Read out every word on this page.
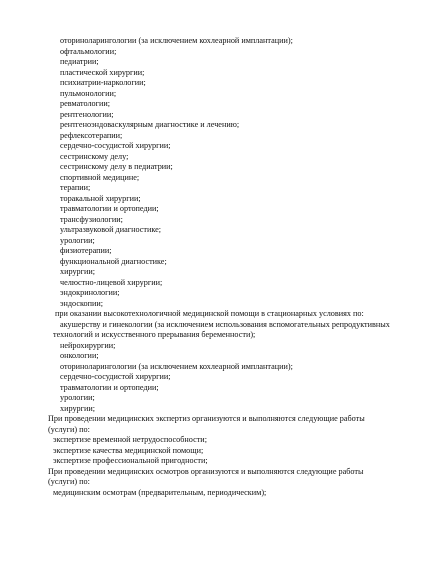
оториноларингологии (за исключением кохлеарной имплантации);
офтальмологии;
педиатрии;
пластической хирургии;
психиатрии-наркологии;
пульмонологии;
ревматологии;
рентгенологии;
рентгеноэндоваскулярным диагностике и лечению;
рефлексотерапии;
сердечно-сосудистой хирургии;
сестринскому делу;
сестринскому делу в педиатрии;
спортивной медицине;
терапии;
торакальной хирургии;
травматологии и ортопедии;
трансфузиологии;
ультразвуковой диагностике;
урологии;
физиотерапии;
функциональной диагностике;
хирургии;
челюстно-лицевой хирургии;
эндокринологии;
эндоскопии;
при оказании высокотехнологичной медицинской помощи в стационарных условиях по:
акушерству и гинекологии (за исключением использования вспомогательных репродуктивных
технологий и искусственного прерывания беременности);
нейрохирургии;
онкологии;
оториноларингологии (за исключением кохлеарной имплантации);
сердечно-сосудистой хирургии;
травматологии и ортопедии;
урологии;
хирургии;
При проведении медицинских экспертиз организуются и выполняются следующие работы
(услуги) по:
экспертизе временной нетрудоспособности;
экспертизе качества медицинской помощи;
экспертизе профессиональной пригодности;
При проведении медицинских осмотров организуются и выполняются следующие работы
(услуги) по:
медицинским осмотрам (предварительным, периодическим);
